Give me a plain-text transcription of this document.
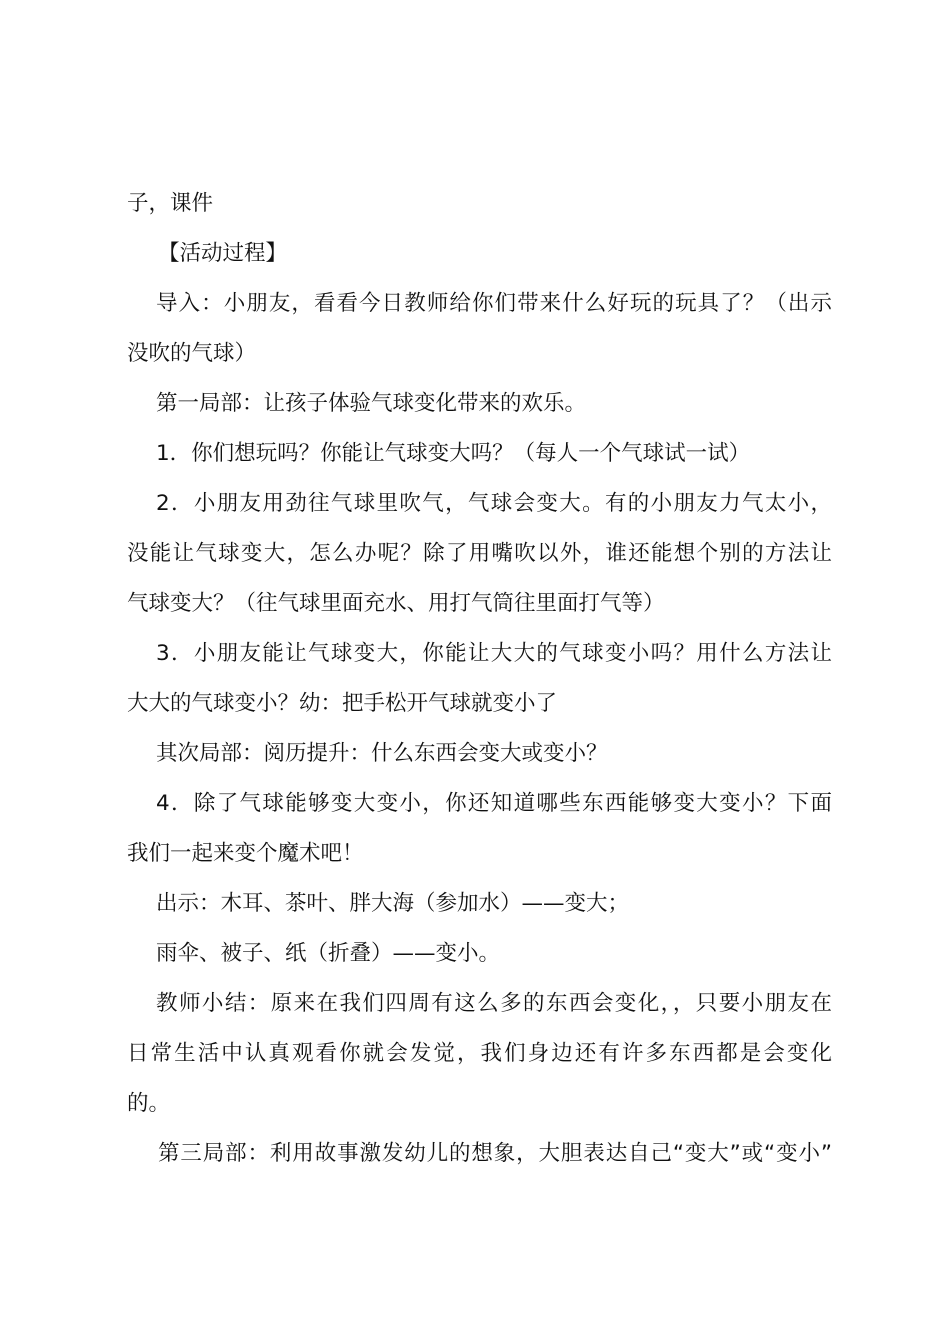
子，课件
【活动过程】
导入：小朋友，看看今日教师给你们带来什么好玩的玩具了？（出示
没吹的气球）
第一局部：让孩子体验气球变化带来的欢乐。
1．你们想玩吗？你能让气球变大吗？（每人一个气球试一试）
2．小朋友用劲往气球里吹气，气球会变大。有的小朋友力气太小，
没能让气球变大，怎么办呢？除了用嘴吹以外，谁还能想个别的方法让
气球变大？（往气球里面充水、用打气筒往里面打气等）
3．小朋友能让气球变大，你能让大大的气球变小吗？用什么方法让
大大的气球变小？幼：把手松开气球就变小了
其次局部：阅历提升：什么东西会变大或变小？
4．除了气球能够变大变小，你还知道哪些东西能够变大变小？下面
我们一起来变个魔术吧！
出示：木耳、茶叶、胖大海（参加水）——变大；
雨伞、被子、纸（折叠）——变小。
教师小结：原来在我们四周有这么多的东西会变化，，只要小朋友在
日常生活中认真观看你就会发觉，我们身边还有许多东西都是会变化
的。
第三局部：利用故事激发幼儿的想象，大胆表达自己“变大”或“变小”
